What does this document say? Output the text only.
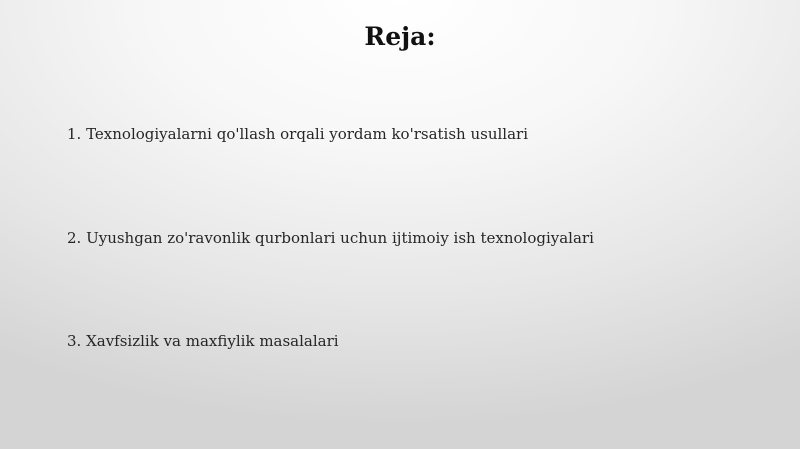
Reja:
1. Texnologiyalarni qo'llash orqali yordam ko'rsatish usullari
2. Uyushgan zo'ravonlik qurbonlari uchun ijtimoiy ish texnologiyalari
3. Xavfsizlik va maxfiylik masalalari
